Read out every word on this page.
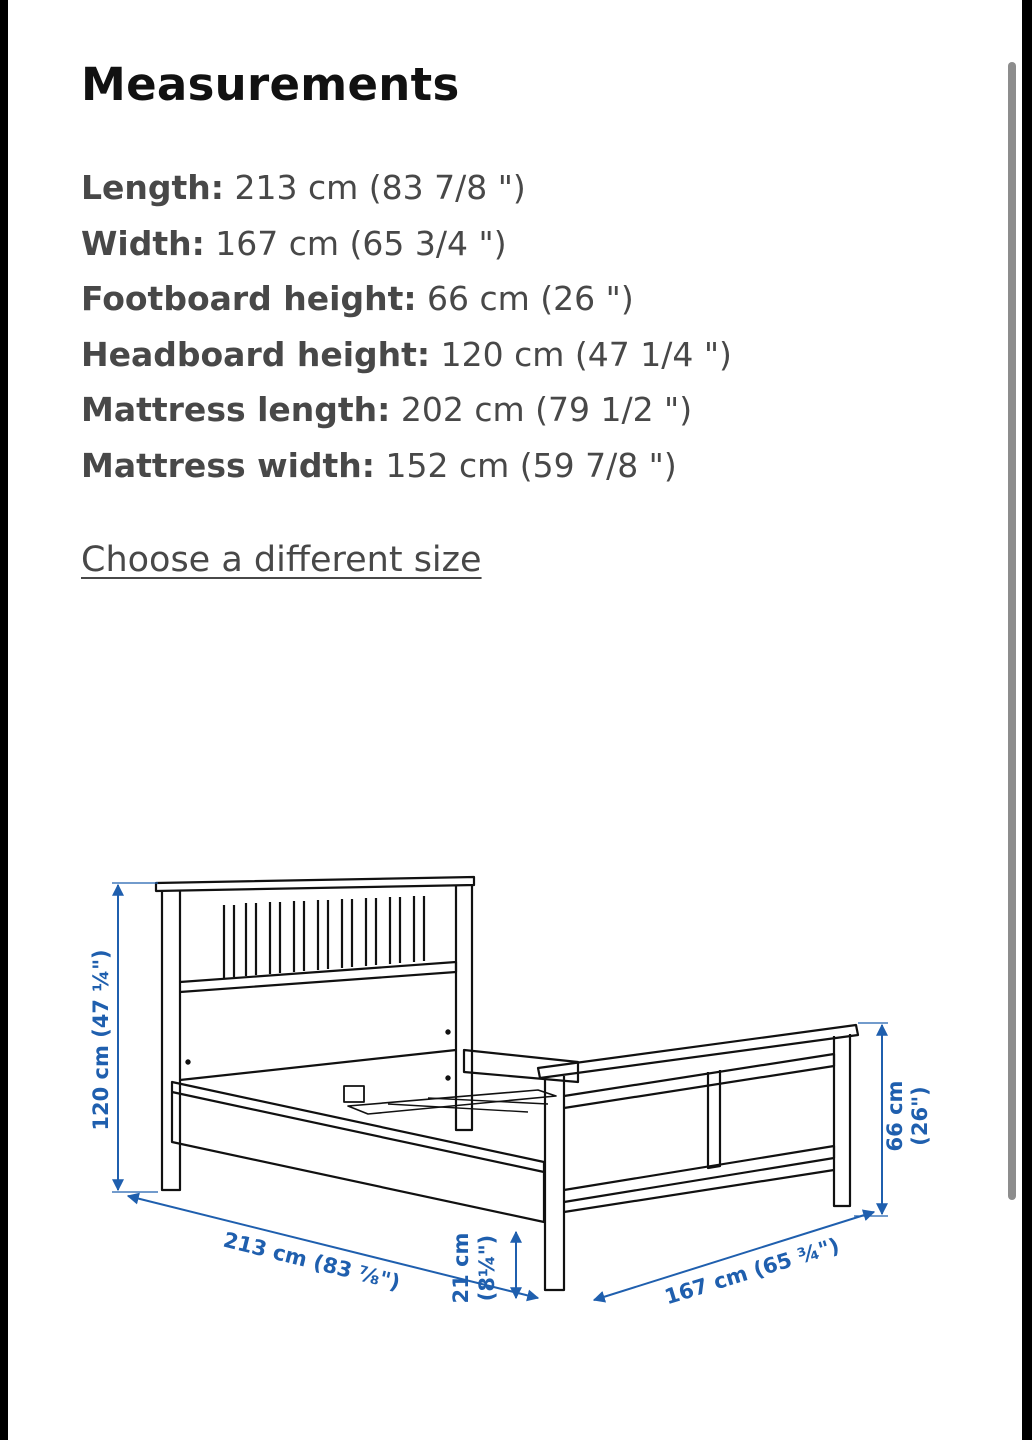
Measurements
Length: 213 cm (83 7/8 ")
Width: 167 cm (65 3/4 ")
Footboard height: 66 cm (26 ")
Headboard height: 120 cm (47 1/4 ")
Mattress length: 202 cm (79 1/2 ")
Mattress width: 152 cm (59 7/8 ")
Choose a different size
120 cm (47 ¼")
213 cm (83 ⅞") 21 cm (8¼")	167 cm (65 ¾")
66 cm (26")
